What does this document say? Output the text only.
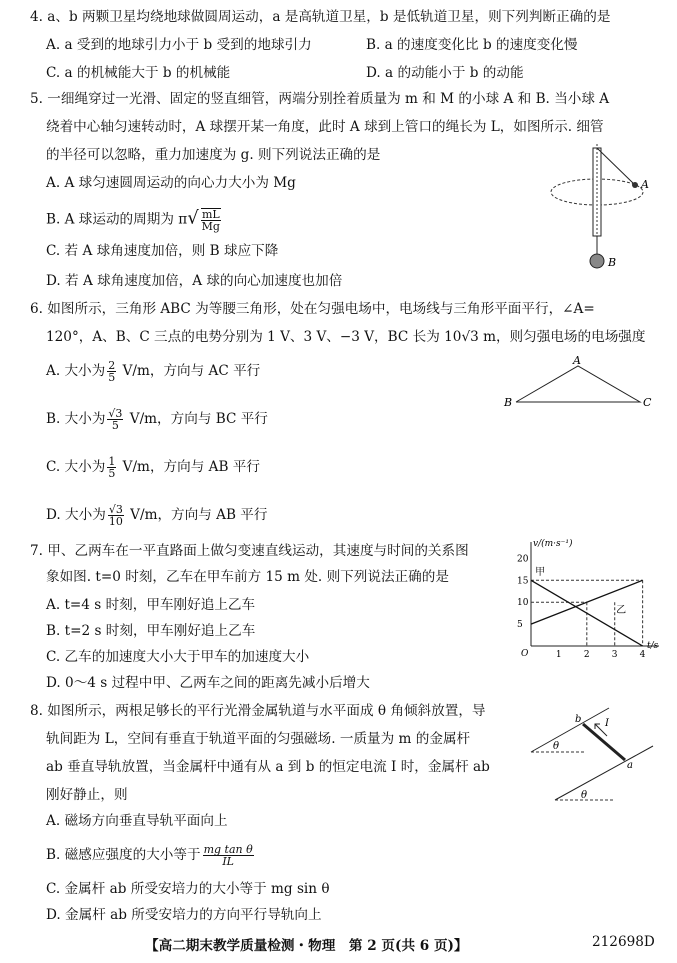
4. a、b 两颗卫星均绕地球做圆周运动，a 是高轨道卫星，b 是低轨道卫星，则下列判断正确的是
A. a 受到的地球引力小于 b 受到的地球引力	B. a 的速度变化比 b 的速度变化慢
C. a 的机械能大于 b 的机械能	D. a 的动能小于 b 的动能
5. 一细绳穿过一光滑、固定的竖直细管，两端分别拴着质量为 m 和 M 的小球 A 和 B. 当小球 A
绕着中心轴匀速转动时，A 球摆开某一角度，此时 A 球到上管口的绳长为 L，如图所示. 细管
的半径可以忽略，重力加速度为 g. 则下列说法正确的是
A. A 球匀速圆周运动的向心力大小为 Mg
B. A 球运动的周期为 $\pi√ \frac{mL}{Mg}$
C. 若 A 球角速度加倍，则 B 球应下降
D. 若 A 球角速度加倍，A 球的向心加速度也加倍
A
B
6. 如图所示，三角形 ABC 为等腰三角形，处在匀强电场中，电场线与三角形平面平行，∠A=
120°，A、B、C 三点的电势分别为 1 V、3 V、−3 V，BC 长为 10√3 m，则匀强电场的电场强度
A. 大小为 $\frac{2}{5} V/m$，方向与 AC 平行
B. 大小为 $\frac{√3}{5} V/m$，方向与 BC 平行
C. 大小为 $\frac{1}{5} V/m$，方向与 AB 平行
D. 大小为 $\frac{√3}{10} V/m$，方向与 AB 平行
A
B	C
7. 甲、乙两车在一平直路面上做匀变速直线运动，其速度与时间的关系图
象如图. t=0 时刻，乙车在甲车前方 15 m 处. 则下列说法正确的是
A. t=4 s 时刻，甲车刚好追上乙车
B. t=2 s 时刻，甲车刚好追上乙车
C. 乙车的加速度大小大于甲车的加速度大小
D. 0～4 s 过程中甲、乙两车之间的距离先减小后增大
v/(m·s⁻¹)
t/s
O	1 2 3 4
5
10
15
20
甲
乙
8. 如图所示，两根足够长的平行光滑金属轨道与水平面成 θ 角倾斜放置，导
轨间距为 L，空间有垂直于轨道平面的匀强磁场. 一质量为 m 的金属杆
ab 垂直导轨放置，当金属杆中通有从 a 到 b 的恒定电流 I 时，金属杆 ab
刚好静止，则
A. 磁场方向垂直导轨平面向上
B. 磁感应强度的大小等于 $\frac{\text{mg tan θ}}{IL}$
C. 金属杆 ab 所受安培力的大小等于 mg sin θ
D. 金属杆 ab 所受安培力的方向平行导轨向上
θ
θ
I
b
a
【高二期末教学质量检测・物理　第 2 页(共 6 页)】	212698D
